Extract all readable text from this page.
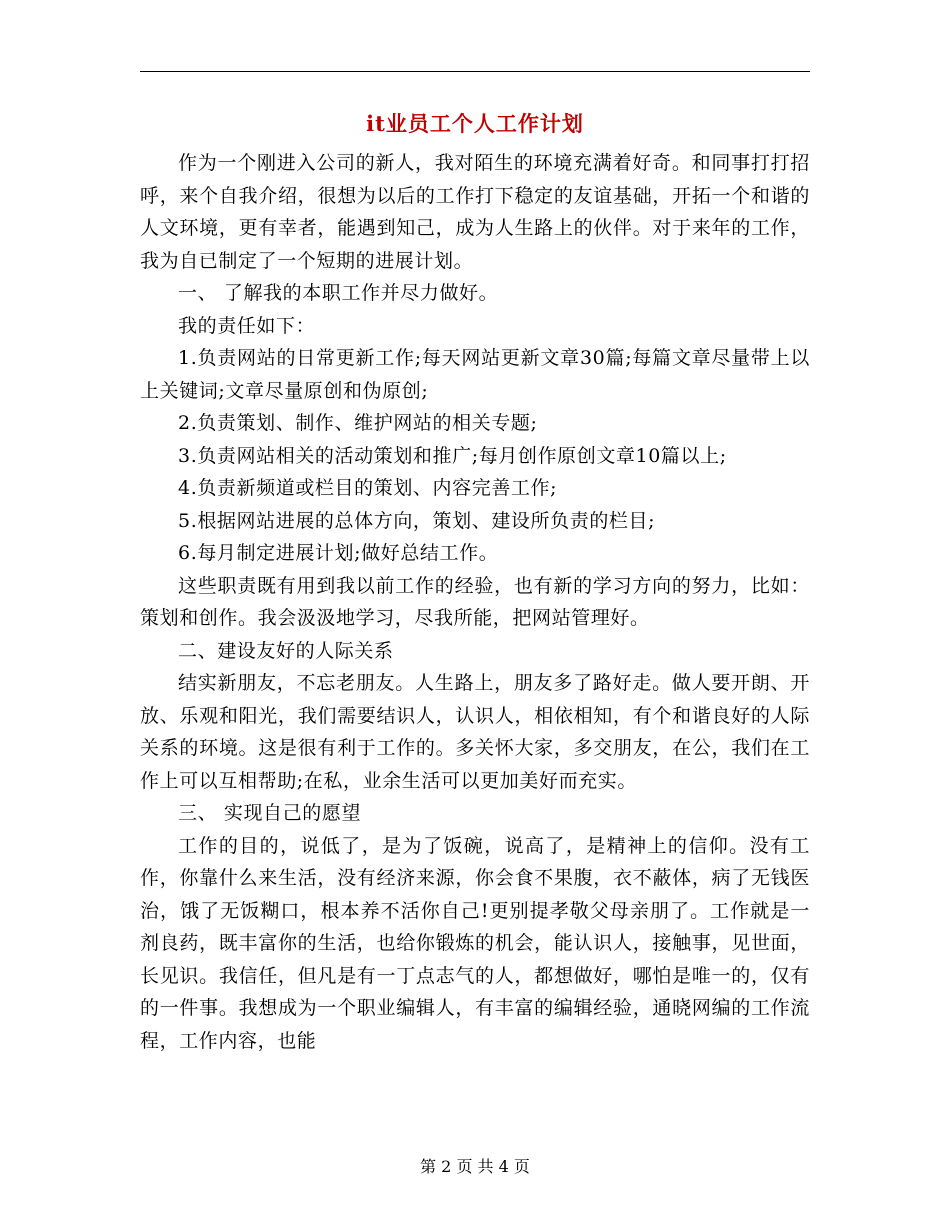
it业员工个人工作计划

作为一个刚进入公司的新人，我对陌生的环境充满着好奇。和同事打打招呼，来个自我介绍，很想为以后的工作打下稳定的友谊基础，开拓一个和谐的人文环境，更有幸者，能遇到知己，成为人生路上的伙伴。对于来年的工作，我为自已制定了一个短期的进展计划。

一、 了解我的本职工作并尽力做好。

我的责任如下：

1.负责网站的日常更新工作;每天网站更新文章30篇;每篇文章尽量带上以上关键词;文章尽量原创和伪原创;

2.负责策划、制作、维护网站的相关专题;

3.负责网站相关的活动策划和推广;每月创作原创文章10篇以上;

4.负责新频道或栏目的策划、内容完善工作;

5.根据网站进展的总体方向，策划、建设所负责的栏目;

6.每月制定进展计划;做好总结工作。

这些职责既有用到我以前工作的经验，也有新的学习方向的努力，比如：策划和创作。我会汲汲地学习，尽我所能，把网站管理好。

二、建设友好的人际关系

结实新朋友，不忘老朋友。人生路上，朋友多了路好走。做人要开朗、开放、乐观和阳光，我们需要结识人，认识人，相依相知，有个和谐良好的人际关系的环境。这是很有利于工作的。多关怀大家，多交朋友，在公，我们在工作上可以互相帮助;在私，业余生活可以更加美好而充实。

三、 实现自己的愿望

工作的目的，说低了，是为了饭碗，说高了，是精神上的信仰。没有工作，你靠什么来生活，没有经济来源，你会食不果腹，衣不蔽体，病了无钱医治，饿了无饭糊口，根本养不活你自己!更别提孝敬父母亲朋了。工作就是一剂良药，既丰富你的生活，也给你锻炼的机会，能认识人，接触事，见世面，长见识。我信任，但凡是有一丁点志气的人，都想做好，哪怕是唯一的，仅有的一件事。我想成为一个职业编辑人，有丰富的编辑经验，通晓网编的工作流程，工作内容，也能

第 2 页 共 4 页
